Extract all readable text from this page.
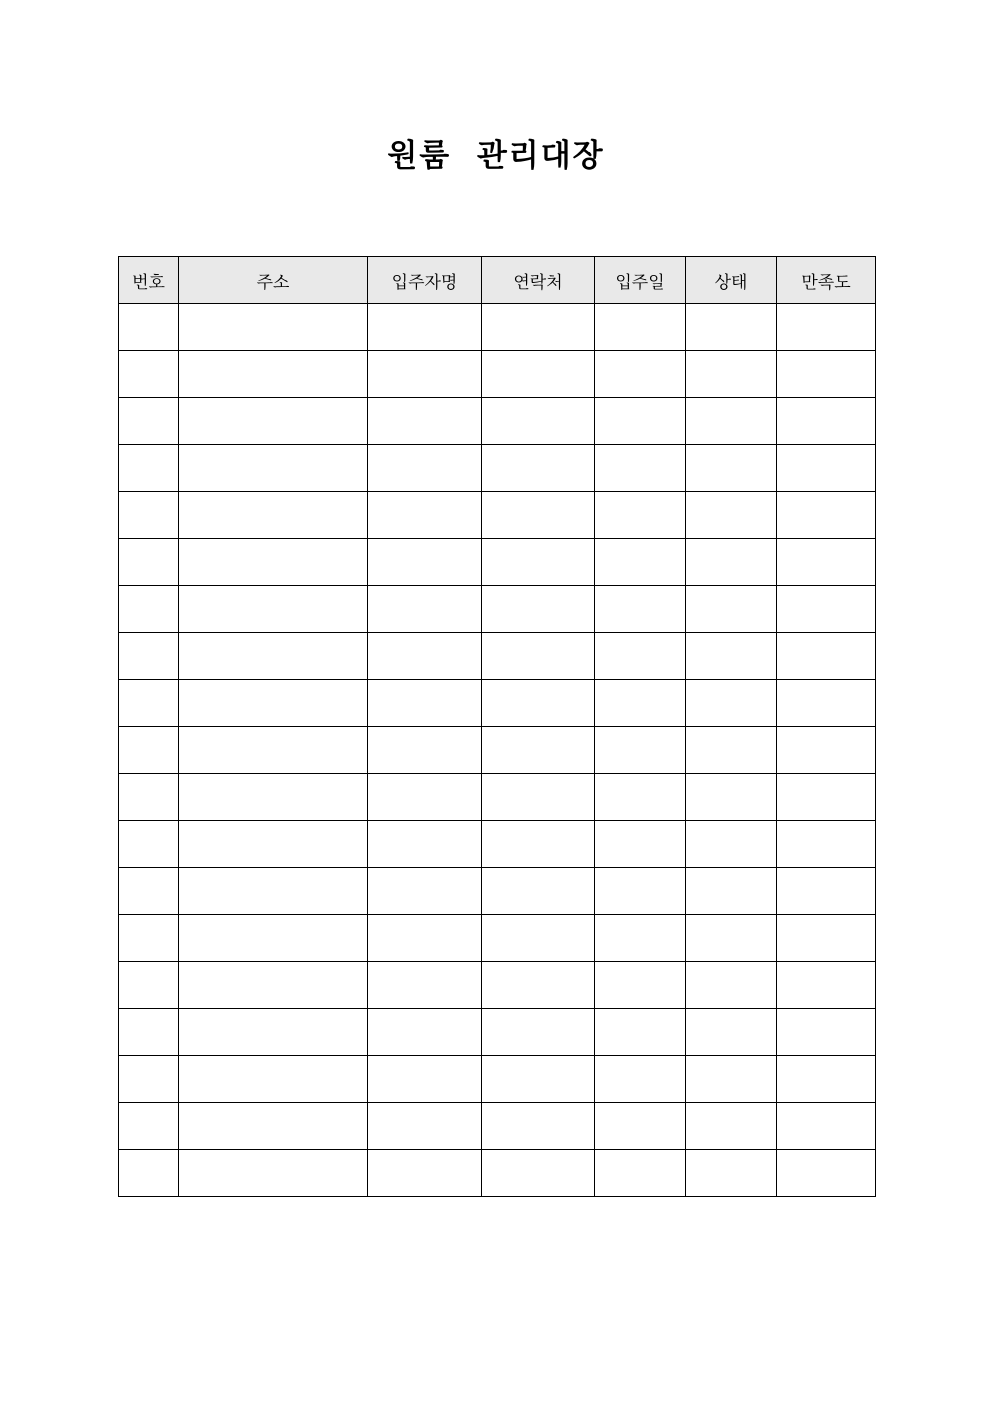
원룸  관리대장
번호	주소	입주자명	연락처	입주일	상태	만족도
